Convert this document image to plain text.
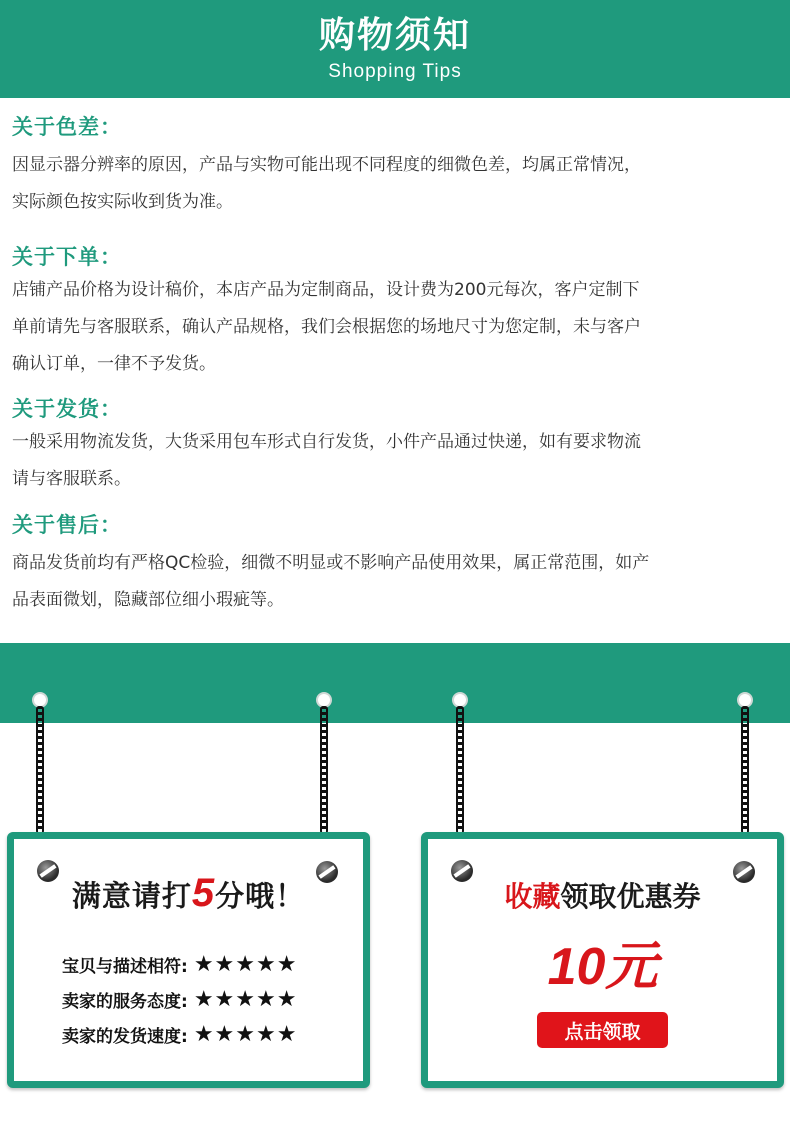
购物须知
Shopping Tips
关于色差：
因显示器分辨率的原因，产品与实物可能出现不同程度的细微色差，均属正常情况，
实际颜色按实际收到货为准。
关于下单：
店铺产品价格为设计稿价，本店产品为定制商品，设计费为200元每次，客户定制下
单前请先与客服联系，确认产品规格，我们会根据您的场地尺寸为您定制，未与客户
确认订单，一律不予发货。
关于发货：
一般采用物流发货，大货采用包车形式自行发货，小件产品通过快递，如有要求物流
请与客服联系。
关于售后：
商品发货前均有严格QC检验，细微不明显或不影响产品使用效果，属正常范围，如产
品表面微划，隐藏部位细小瑕疵等。
满意请打5分哦！
宝贝与描述相符: ★★★★★
卖家的服务态度: ★★★★★
卖家的发货速度: ★★★★★
收藏领取优惠券
10元
点击领取
